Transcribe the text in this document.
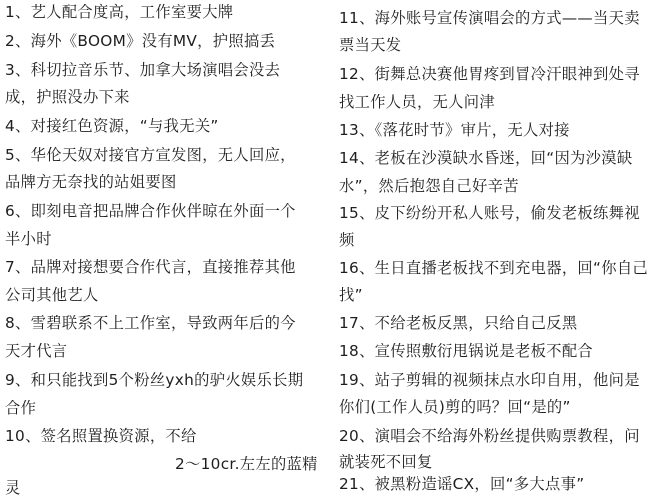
1、艺人配合度高，工作室要大牌
2、海外《BOOM》没有MV，护照搞丢
3、科切拉音乐节、加拿大场演唱会没去
成，护照没办下来
4、对接红色资源，“与我无关”
5、华伦天奴对接官方宣发图，无人回应，
品牌方无奈找的站姐要图
6、即刻电音把品牌合作伙伴晾在外面一个
半小时
7、品牌对接想要合作代言，直接推荐其他
公司其他艺人
8、雪碧联系不上工作室，导致两年后的今
天才代言
9、和只能找到5个粉丝yxh的驴火娱乐长期
合作
10、签名照置换资源，不给
2～10cr.左左的蓝精
灵
11、海外账号宣传演唱会的方式——当天卖
票当天发
12、街舞总决赛他胃疼到冒冷汗眼神到处寻
找工作人员，无人问津
13、《落花时节》审片，无人对接
14、老板在沙漠缺水昏迷，回“因为沙漠缺
水”，然后抱怨自己好辛苦
15、皮下纷纷开私人账号，偷发老板练舞视
频
16、生日直播老板找不到充电器，回“你自己
找”
17、不给老板反黑，只给自己反黑
18、宣传照敷衍甩锅说是老板不配合
19、站子剪辑的视频抹点水印自用，他问是
你们(工作人员)剪的吗？回“是的”
20、演唱会不给海外粉丝提供购票教程，问
就装死不回复
21、被黑粉造谣CX，回“多大点事”
